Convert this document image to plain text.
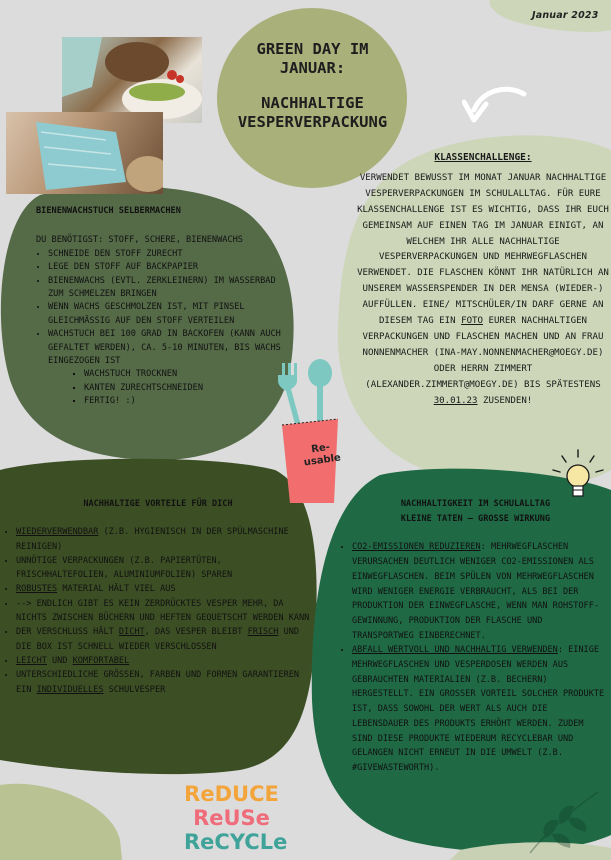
Januar 2023
GREEN DAY IM
JANUAR:
NACHHALTIGE
VESPERVERPACKUNG
KLASSENCHALLENGE:
VERWENDET BEWUSST IM MONAT JANUAR NACHHALTIGE VESPERVERPACKUNGEN IM SCHULALLTAG. FÜR EURE KLASSENCHALLENGE IST ES WICHTIG, DASS IHR EUCH GEMEINSAM AUF EINEN TAG IM JANUAR EINIGT, AN WELCHEM IHR ALLE NACHHALTIGE VESPERVERPACKUNGEN UND MEHRWEGFLASCHEN VERWENDET. DIE FLASCHEN KÖNNT IHR NATÜRLICH AN UNSEREM WASSERSPENDER IN DER MENSA (WIEDER-) AUFFÜLLEN. EINE/ MITSCHÜLER/IN DARF GERNE AN DIESEM TAG EIN FOTO EURER NACHHALTIGEN VERPACKUNGEN UND FLASCHEN MACHEN UND AN FRAU NONNENMACHER (INA-MAY.NONNENMACHER@MOEGY.DE) ODER HERRN ZIMMERT (ALEXANDER.ZIMMERT@MOEGY.DE) BIS SPÄTESTENS 30.01.23 ZUSENDEN!
BIENENWACHSTUCH SELBERMACHEN
DU BENÖTIGST: STOFF, SCHERE, BIENENWACHS
• SCHNEIDE DEN STOFF ZURECHT
• LEGE DEN STOFF AUF BACKPAPIER
• BIENENWACHS (EVTL. ZERKLEINERN) IM WASSERBAD ZUM SCHMELZEN BRINGEN
• WENN WACHS GESCHMOLZEN IST, MIT PINSEL GLEICHMÄSSIG AUF DEN STOFF VERTEILEN
• WACHSTUCH BEI 100 GRAD IN BACKOFEN (KANN AUCH GEFALTET WERDEN), CA. 5-10 MINUTEN, BIS WACHS EINGEZOGEN IST
▪ WACHSTUCH TROCKNEN
▪ KANTEN ZURECHTSCHNEIDEN
▪ FERTIG! :)
Re-
usable
NACHHALTIGE VORTEILE FÜR DICH
• WIEDERVERWENDBAR (Z.B. HYGIENISCH IN DER SPÜLMASCHINE REINIGEN)
• UNNÖTIGE VERPACKUNGEN (Z.B. PAPIERTÜTEN, FRISCHHALTEFOLIEN, ALUMINIUMFOLIEN) SPAREN
• ROBUSTES MATERIAL HÄLT VIEL AUS
• --> ENDLICH GIBT ES KEIN ZERDRÜCKTES VESPER MEHR, DA NICHTS ZWISCHEN BÜCHERN UND HEFTEN GEQUETSCHT WERDEN KANN
• DER VERSCHLUSS HÄLT DICHT, DAS VESPER BLEIBT FRISCH UND DIE BOX IST SCHNELL WIEDER VERSCHLOSSEN
• LEICHT UND KOMFORTABEL
• UNTERSCHIEDLICHE GRÖSSEN, FARBEN UND FORMEN GARANTIEREN EIN INDIVIDUELLES SCHULVESPER
NACHHALTIGKEIT IM SCHULALLTAG
KLEINE TATEN – GROSSE WIRKUNG
• CO2-EMISSIONEN REDUZIEREN: MEHRWEGFLASCHEN VERURSACHEN DEUTLICH WENIGER CO2-EMISSIONEN ALS EINWEGFLASCHEN. BEIM SPÜLEN VON MEHRWEGFLASCHEN WIRD WENIGER ENERGIE VERBRAUCHT, ALS BEI DER PRODUKTION DER EINWEGFLASCHE, WENN MAN ROHSTOFF-GEWINNUNG, PRODUKTION DER FLASCHE UND TRANSPORTWEG EINBERECHNET.
• ABFALL WERTVOLL UND NACHHALTIG VERWENDEN: EINIGE MEHRWEGFLASCHEN UND VESPERDOSEN WERDEN AUS GEBRAUCHTEN MATERIALIEN (Z.B. BECHERN) HERGESTELLT. EIN GROSSER VORTEIL SOLCHER PRODUKTE IST, DASS SOWOHL DER WERT ALS AUCH DIE LEBENSDAUER DES PRODUKTS ERHÖHT WERDEN. ZUDEM SIND DIESE PRODUKTE WIEDERUM RECYCLEBAR UND GELANGEN NICHT ERNEUT IN DIE UMWELT (Z.B. #GIVEWASTEWORTH).
ReDUCE
ReUSe
ReCYCLe
